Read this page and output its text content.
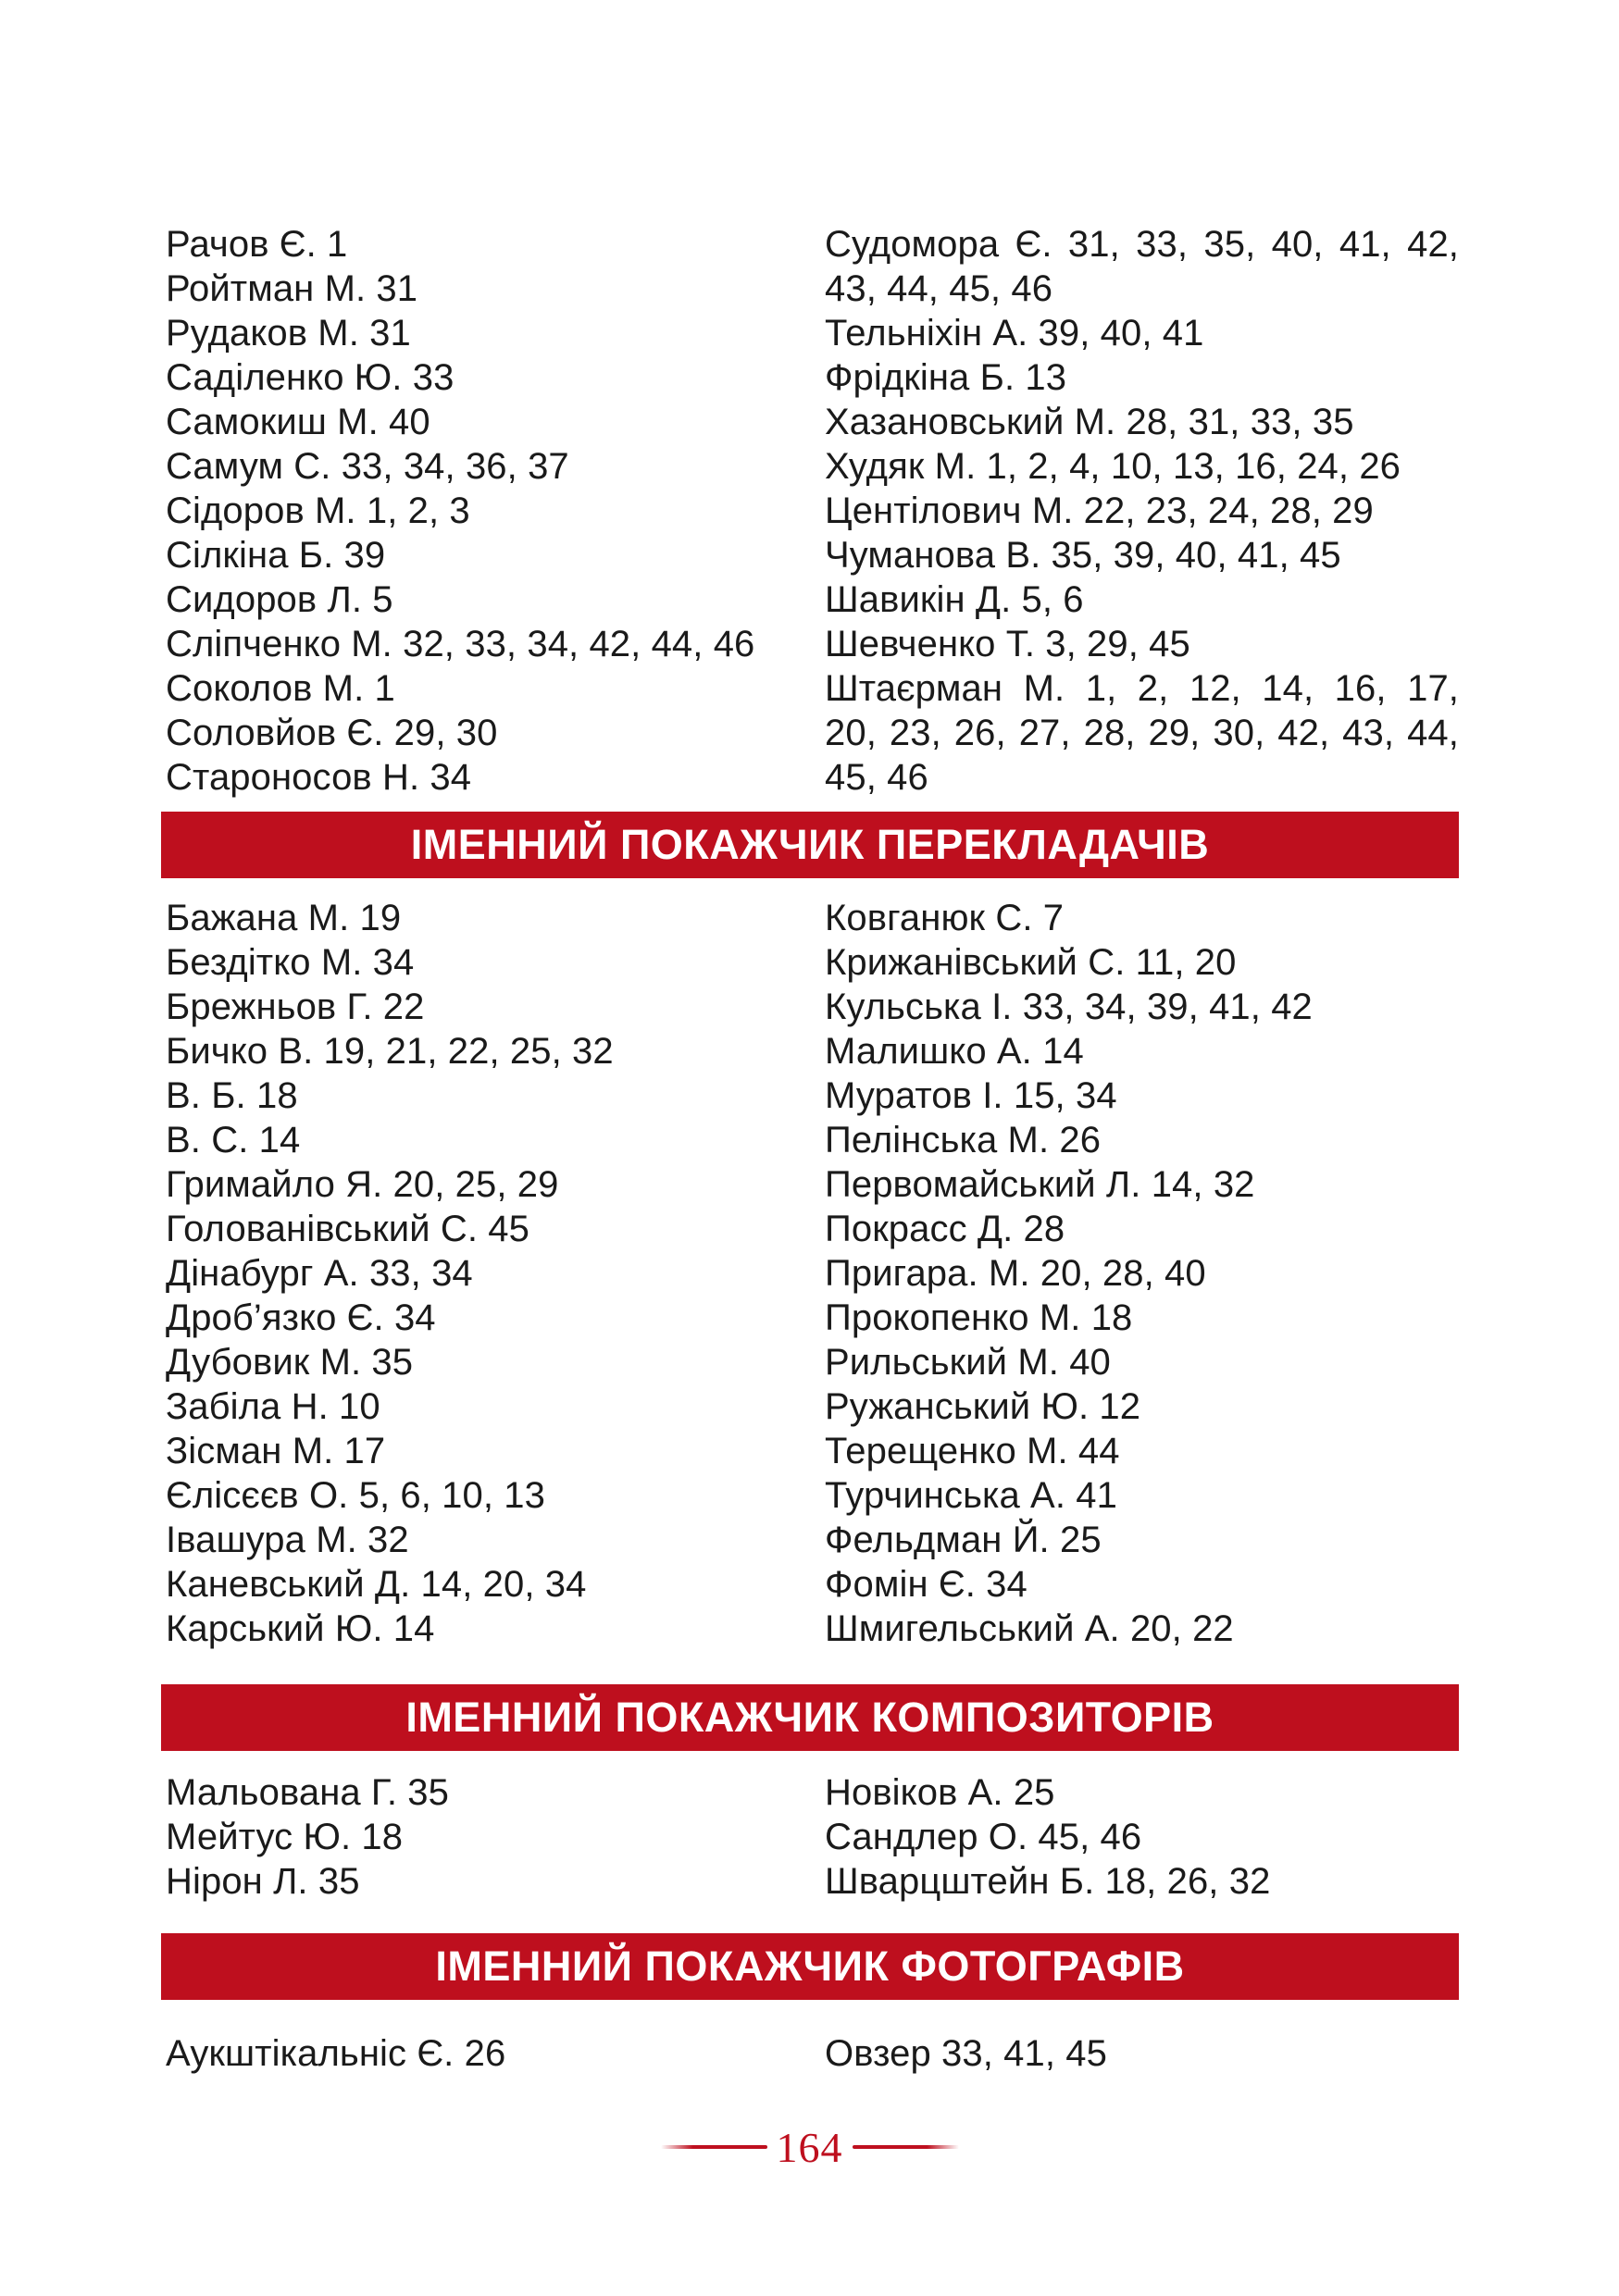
Рачов Є. 1
Ройтман М. 31
Рудаков М. 31
Саділенко Ю. 33
Самокиш М. 40
Самум С. 33, 34, 36, 37
Сідоров М. 1, 2, 3
Сілкіна Б. 39
Сидоров Л. 5
Сліпченко М. 32, 33, 34, 42, 44, 46
Соколов М. 1
Соловйов Є. 29, 30
Староносов Н. 34
Судомора Є. 31, 33, 35, 40, 41, 42,
43, 44, 45, 46
Тельніхін А. 39, 40, 41
Фрідкіна Б. 13
Хазановський М. 28, 31, 33, 35
Худяк М. 1, 2, 4, 10, 13, 16, 24, 26
Центілович М. 22, 23, 24, 28, 29
Чуманова В. 35, 39, 40, 41, 45
Шавикін Д. 5, 6
Шевченко Т. 3, 29, 45
Штаєрман М. 1, 2, 12, 14, 16, 17,
20, 23, 26, 27, 28, 29, 30, 42, 43, 44,
45, 46
ІМЕННИЙ ПОКАЖЧИК ПЕРЕКЛАДАЧІВ
Бажана М. 19
Бездітко М. 34
Брежньов Г. 22
Бичко В. 19, 21, 22, 25, 32
В. Б. 18
В. С. 14
Гримайло Я. 20, 25, 29
Голованівський С. 45
Дінабург А. 33, 34
Дроб’язко Є. 34
Дубовик М. 35
Забіла Н. 10
Зісман М. 17
Єлісєєв О. 5, 6, 10, 13
Івашура М. 32
Каневський Д. 14, 20, 34
Карський Ю. 14
Ковганюк С. 7
Крижанівський С. 11, 20
Кульська І. 33, 34, 39, 41, 42
Малишко А. 14
Муратов І. 15, 34
Пелінська М. 26
Первомайський Л. 14, 32
Покрасс Д. 28
Пригара. М. 20, 28, 40
Прокопенко М. 18
Рильський М. 40
Ружанський Ю. 12
Терещенко М. 44
Турчинська А. 41
Фельдман Й. 25
Фомін Є. 34
Шмигельський А. 20, 22
ІМЕННИЙ ПОКАЖЧИК КОМПОЗИТОРІВ
Мальована Г. 35
Мейтус Ю. 18
Нірон Л. 35
Новіков А. 25
Сандлер О. 45, 46
Шварцштейн Б. 18, 26, 32
ІМЕННИЙ ПОКАЖЧИК ФОТОГРАФІВ
Аукштікальніс Є. 26	Овзер 33, 41, 45
164
